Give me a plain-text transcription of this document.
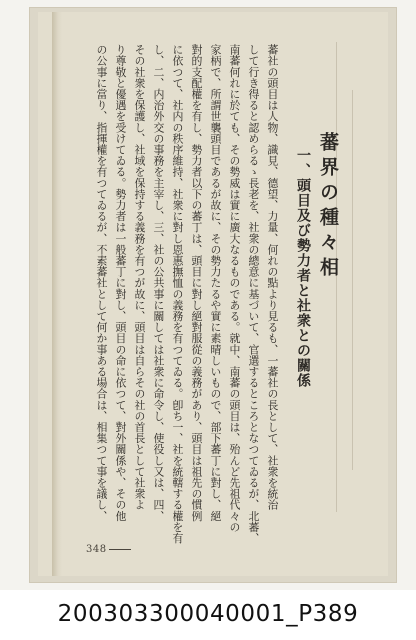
蕃界の種々相
一、頭目及び勢力者と社衆との關係
蕃社の頭目は人物、識見、德望、力量、何れの點より見るも、一蕃社の長として、社衆を統治
して行き得ると認めらるゝ長老を、社衆の總意に基づいて、官選するところとなつてゐるが、北蕃、
南蕃何れに於ても、その勢威は實に廣大なるものである。就中、南蕃の頭目は、殆んど先祖代々の
家柄で、所謂世襲頭目であるが故に、その勢力たるや實に素晴しいもので、部下蕃丁に對し、絕
對的支配權を有し、勢力者以下の蕃丁は、頭目に對し絕對服從の義務があり、頭目は祖先の慣例
に依つて、社内の秩序維持、社衆に對し恩惠撫恤の義務を有つてゐる。卽ち一、社を統轄する權を有
し、二、内治外交の事務を主宰し、三、社の公共事に關しては社衆に命令し、使役し又は、四、
その社衆を保護し、社域を保持する義務を有つが故に、頭目は自らその社の首長として社衆よ
り尊敬と優遇を受けてゐる。勢力者は一般蕃丁に對し、頭目の命に依つて、對外關係や、その他
の公事に當り、指揮權を有つてゐるが、不素蕃社として何か事ある場合は、相集つて事を議し、
348
200303300040001_P389
